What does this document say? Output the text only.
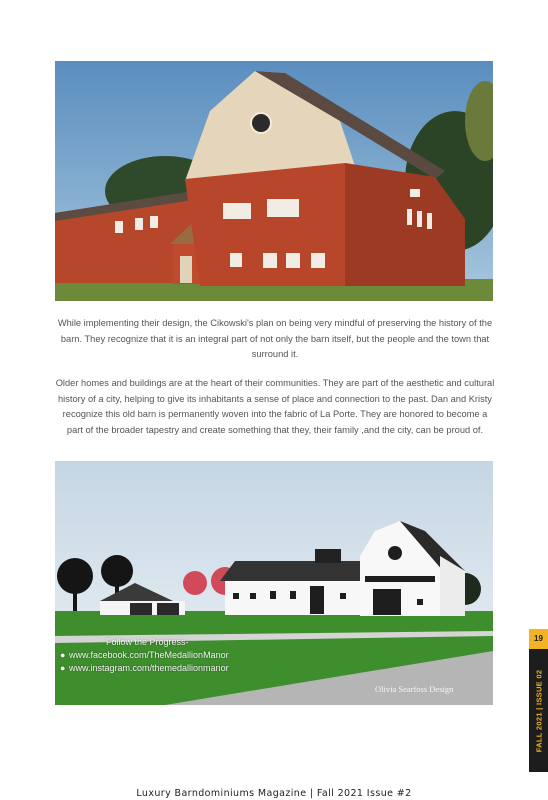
While implementing their design, the Cikowski's plan on being very mindful of preserving the history of the barn. They recognize that it is an integral part of not only the barn itself, but the people and the town that surround it.
Older homes and buildings are at the heart of their communities. They are part of the aesthetic and cultural history of a city, helping to give its inhabitants a sense of place and connection to the past. Dan and Kristy recognize this old barn is permanently woven into the fabric of La Porte. They are honored to become a part of the broader tapestry and create something that they, their family ,and the city, can be proud of.
Follow the Progress-
● www.facebook.com/TheMedallionManor
● www.instagram.com/themedallionmanor
Olivia Searfoss Design
19
FALL 2021 | ISSUE 02
Luxury Barndominiums Magazine | Fall 2021 Issue #2
